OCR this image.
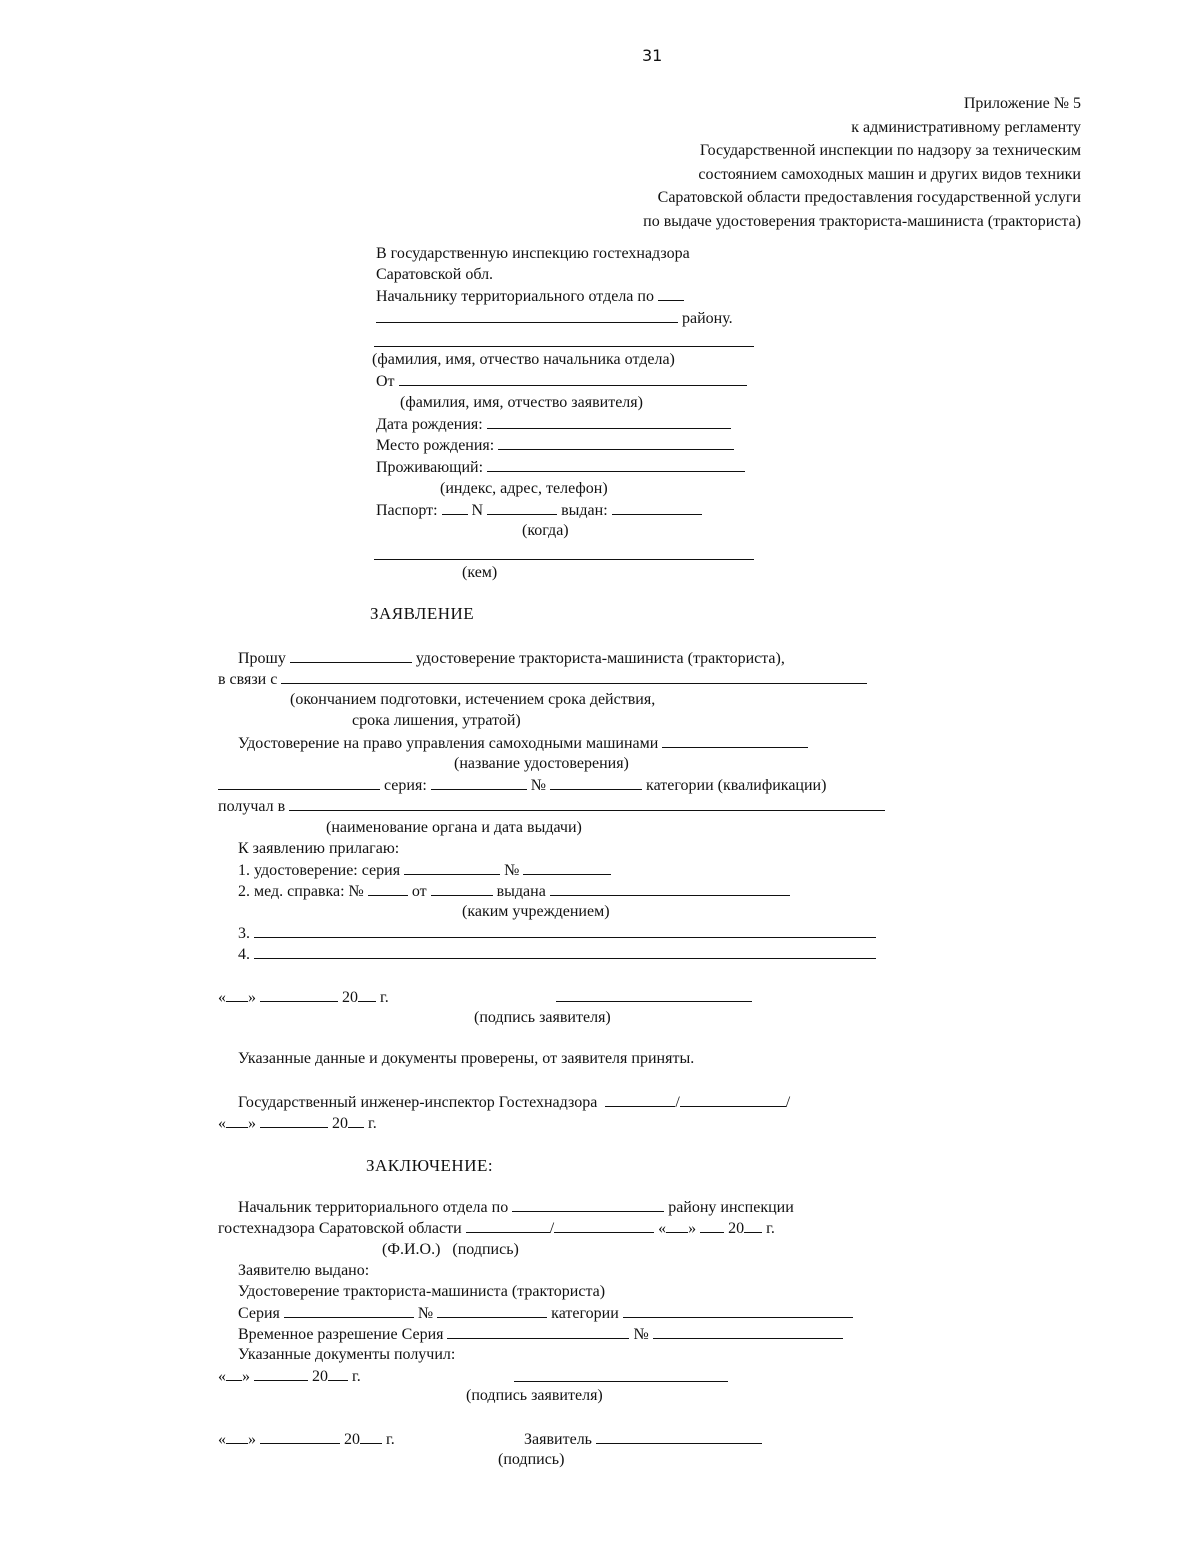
31
Приложение № 5
к административному регламенту
Государственной инспекции по надзору за техническим
состоянием самоходных машин и других видов техники
Саратовской области предоставления государственной услуги
по выдаче удостоверения тракториста-машиниста (тракториста)
В государственную инспекцию гостехнадзора
Саратовской обл.
Начальнику территориального отдела по
району.
(фамилия, имя, отчество начальника отдела)
От
(фамилия, имя, отчество заявителя)
Дата рождения:
Место рождения:
Проживающий:
(индекс, адрес, телефон)
Паспорт: N	выдан:
(когда)
(кем)
ЗАЯВЛЕНИЕ
Прошу	удостоверение тракториста-машиниста (тракториста),
в связи с
(окончанием подготовки, истечением срока действия,
срока лишения, утратой)
Удостоверение на право управления самоходными машинами
(название удостоверения)
серия:	№	категории (квалификации)
получал в
(наименование органа и дата выдачи)
К заявлению прилагаю:
1. удостоверение: серия	№
2. мед. справка: №	от	выдана
(каким учреждением)
3.
4.
« »	20 г.
(подпись заявителя)
Указанные данные и документы проверены, от заявителя приняты.
Государственный инженер-инспектор Гостехнадзора	/	/
« »	20 г.
ЗАКЛЮЧЕНИЕ:
Начальник территориального отдела по	району инспекции
гостехнадзора Саратовской области	/	« » 20 г.
(Ф.И.О.)   (подпись)
Заявителю выдано:
Удостоверение тракториста-машиниста (тракториста)
Серия	№	категории
Временное разрешение Серия	№
Указанные документы получил:
« »	20 г.
(подпись заявителя)
« »	20 г.	Заявитель
(подпись)
